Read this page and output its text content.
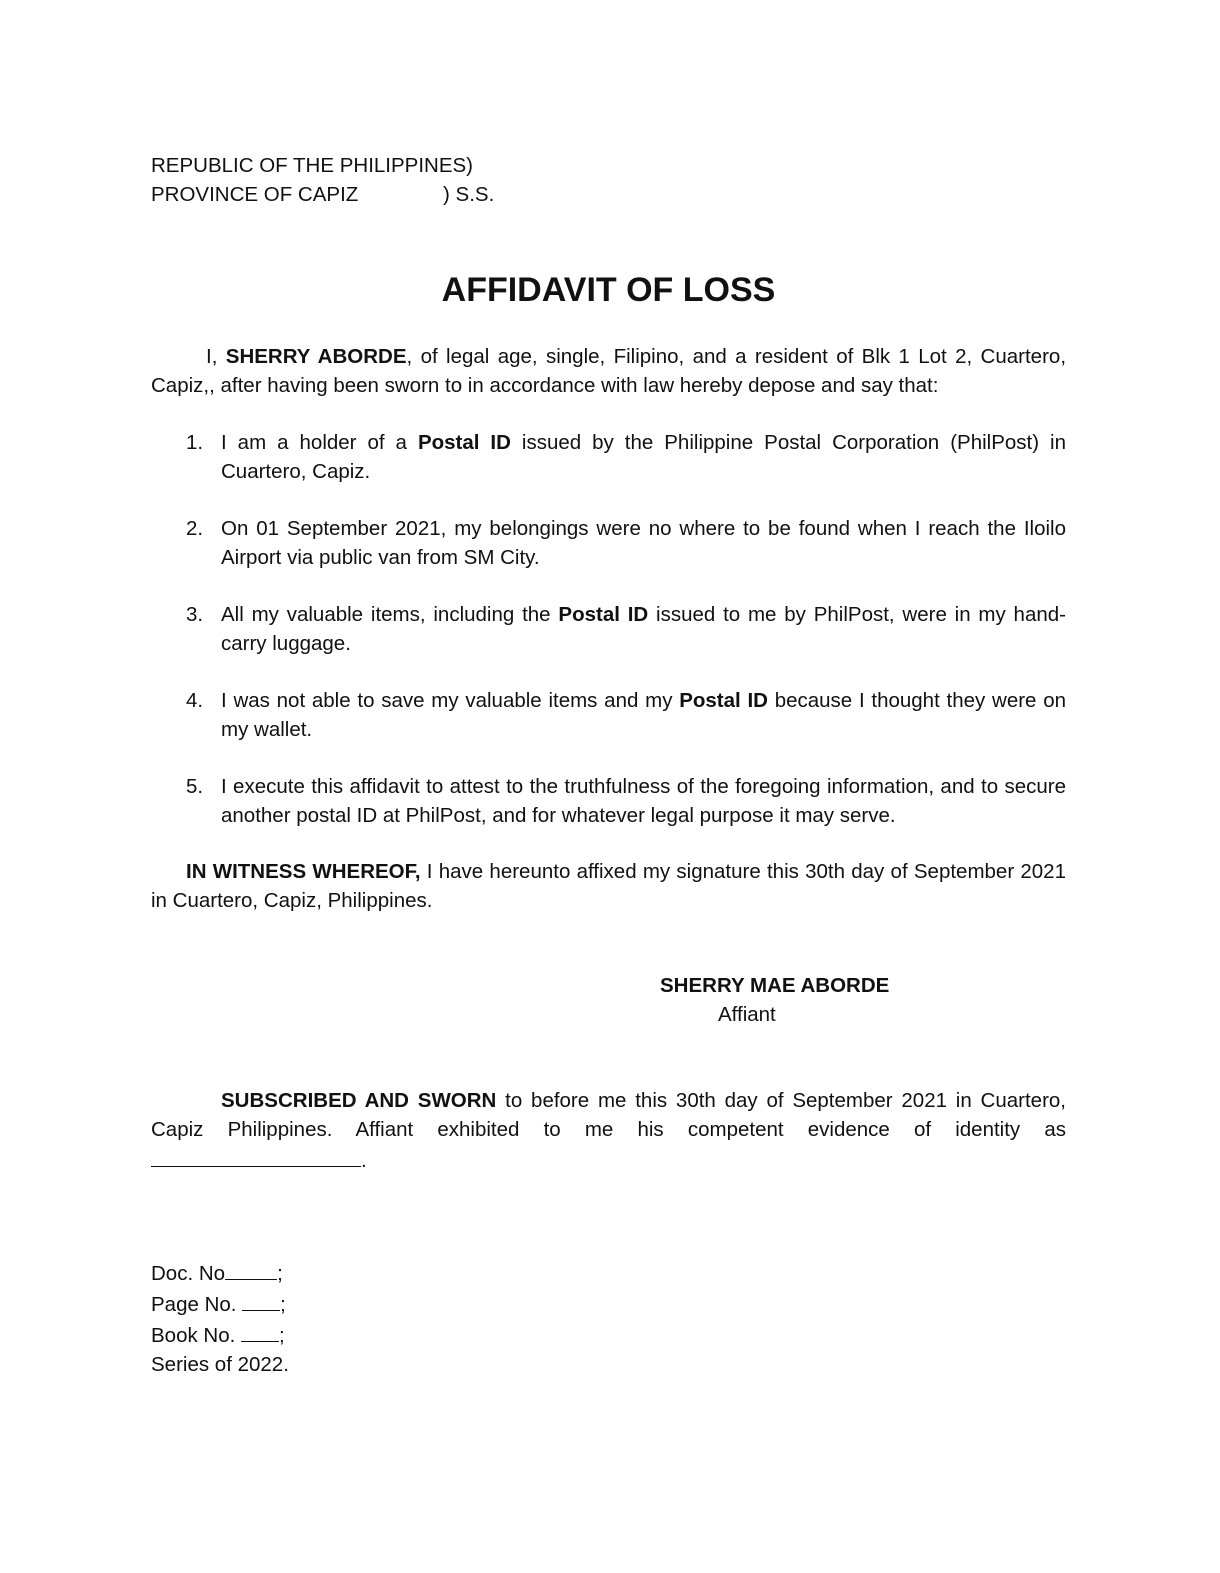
REPUBLIC OF THE PHILIPPINES)
PROVINCE OF CAPIZ	) S.S.
AFFIDAVIT OF LOSS
I, SHERRY ABORDE, of legal age, single, Filipino, and a resident of Blk 1 Lot 2, Cuartero, Capiz,, after having been sworn to in accordance with law hereby depose and say that:
1. I am a holder of a Postal ID issued by the Philippine Postal Corporation (PhilPost) in Cuartero, Capiz.
2. On 01 September 2021, my belongings were no where to be found when I reach the Iloilo Airport via public van from SM City.
3. All my valuable items, including the Postal ID issued to me by PhilPost, were in my hand-carry luggage.
4. I was not able to save my valuable items and my Postal ID because I thought they were on my wallet.
5. I execute this affidavit to attest to the truthfulness of the foregoing information, and to secure another postal ID at PhilPost, and for whatever legal purpose it may serve.
IN WITNESS WHEREOF, I have hereunto affixed my signature this 30th day of September 2021 in Cuartero, Capiz, Philippines.
SHERRY MAE ABORDE
Affiant
SUBSCRIBED AND SWORN to before me this 30th day of September 2021 in Cuartero, Capiz Philippines. Affiant exhibited to me his competent evidence of identity as .
Doc. No	;
Page No. ;
Book No. ;
Series of 2022.
